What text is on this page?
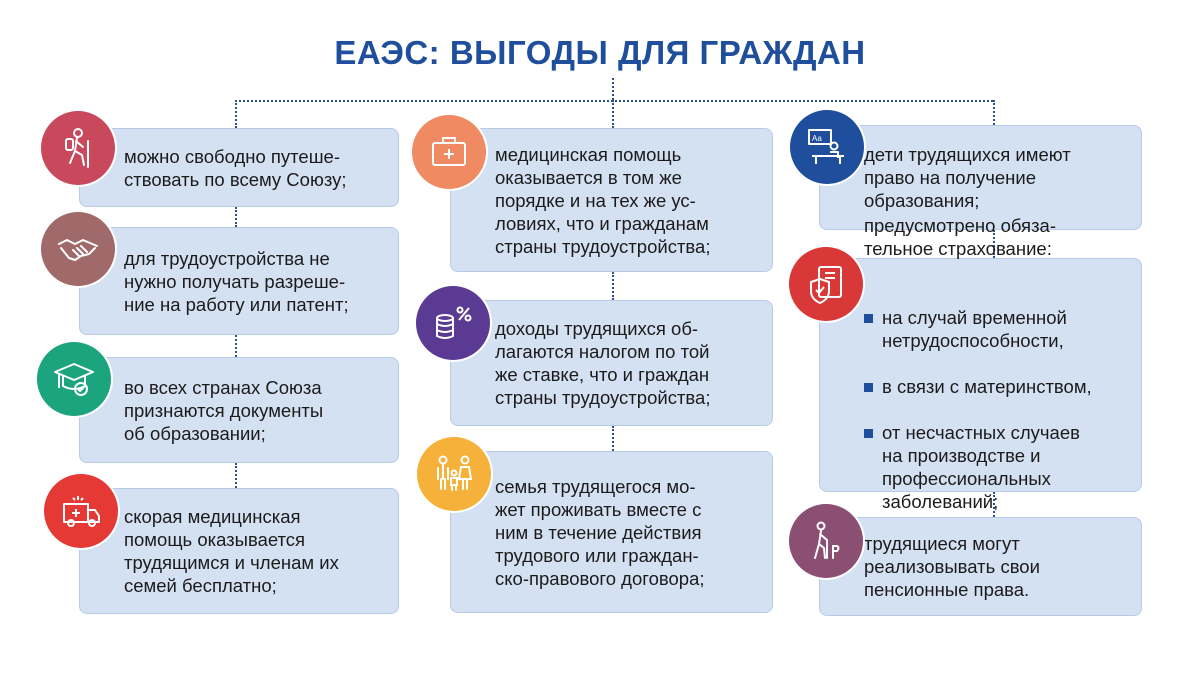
ЕАЭС: ВЫГОДЫ ДЛЯ ГРАЖДАН
можно свободно путеше-
ствовать по всему Союзу;
для трудоустройства не
нужно получать разреше-
ние на работу или патент;
во всех странах Союза
признаются документы
об образовании;
скорая медицинская
помощь оказывается
трудящимся и членам их
семей бесплатно;
медицинская помощь
оказывается в том же
порядке и на тех же ус-
ловиях, что и гражданам
страны трудоустройства;
доходы трудящихся об-
лагаются налогом по той
же ставке, что и граждан
страны трудоустройства;
семья трудящегося мо-
жет проживать вместе с
ним в течение действия
трудового или граждан-
ско-правового договора;
дети трудящихся имеют
право на получение
образования;
Aa

предусмотрено обяза-
тельное страхование:

на случай временной
нетрудоспособности,

в связи с материнством,

от несчастных случаев
на производстве и
профессиональных
заболеваний;

трудящиеся могут
реализовывать свои
пенсионные права.
